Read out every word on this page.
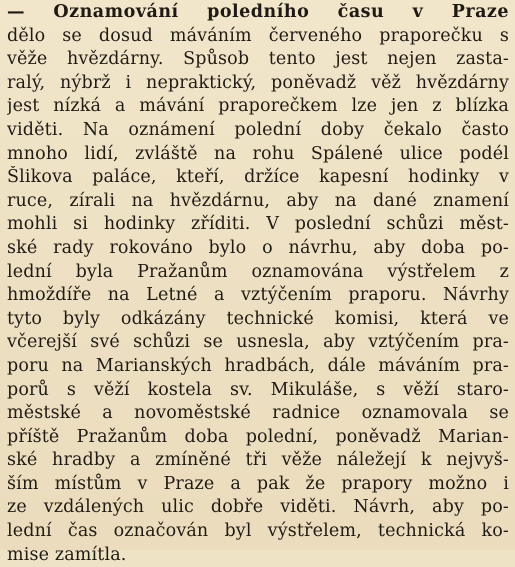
— Oznamování poledního času v Praze
dělo se dosud máváním červeného praporečku s
věže hvězdárny. Spůsob tento jest nejen zasta-
ralý, nýbrž i nepraktický, poněvadž věž hvězdárny
jest nízká a mávání praporečkem lze jen z blízka
viděti. Na oznámení polední doby čekalo často
mnoho lidí, zvláště na rohu Spálené ulice podél
Šlikova paláce, kteří, držíce kapesní hodinky v
ruce, zírali na hvězdárnu, aby na dané znamení
mohli si hodinky zříditi. V poslední schůzi měst-
ské rady rokováno bylo o návrhu, aby doba po-
lední byla Pražanům oznamována výstřelem z
hmoždíře na Letné a vztýčením praporu. Návrhy
tyto byly odkázány technické komisi, která ve
včerejší své schůzi se usnesla, aby vztýčením pra-
poru na Marianských hradbách, dále máváním pra-
porů s věží kostela sv. Mikuláše, s věží staro-
městské a novoměstské radnice oznamovala se
příště Pražanům doba polední, poněvadž Marian-
ské hradby a zmíněné tři věže náležejí k nejvyš-
ším místům v Praze a pak že prapory možno i
ze vzdálených ulic dobře viděti. Návrh, aby po-
lední čas označován byl výstřelem, technická ko-
mise zamítla.
